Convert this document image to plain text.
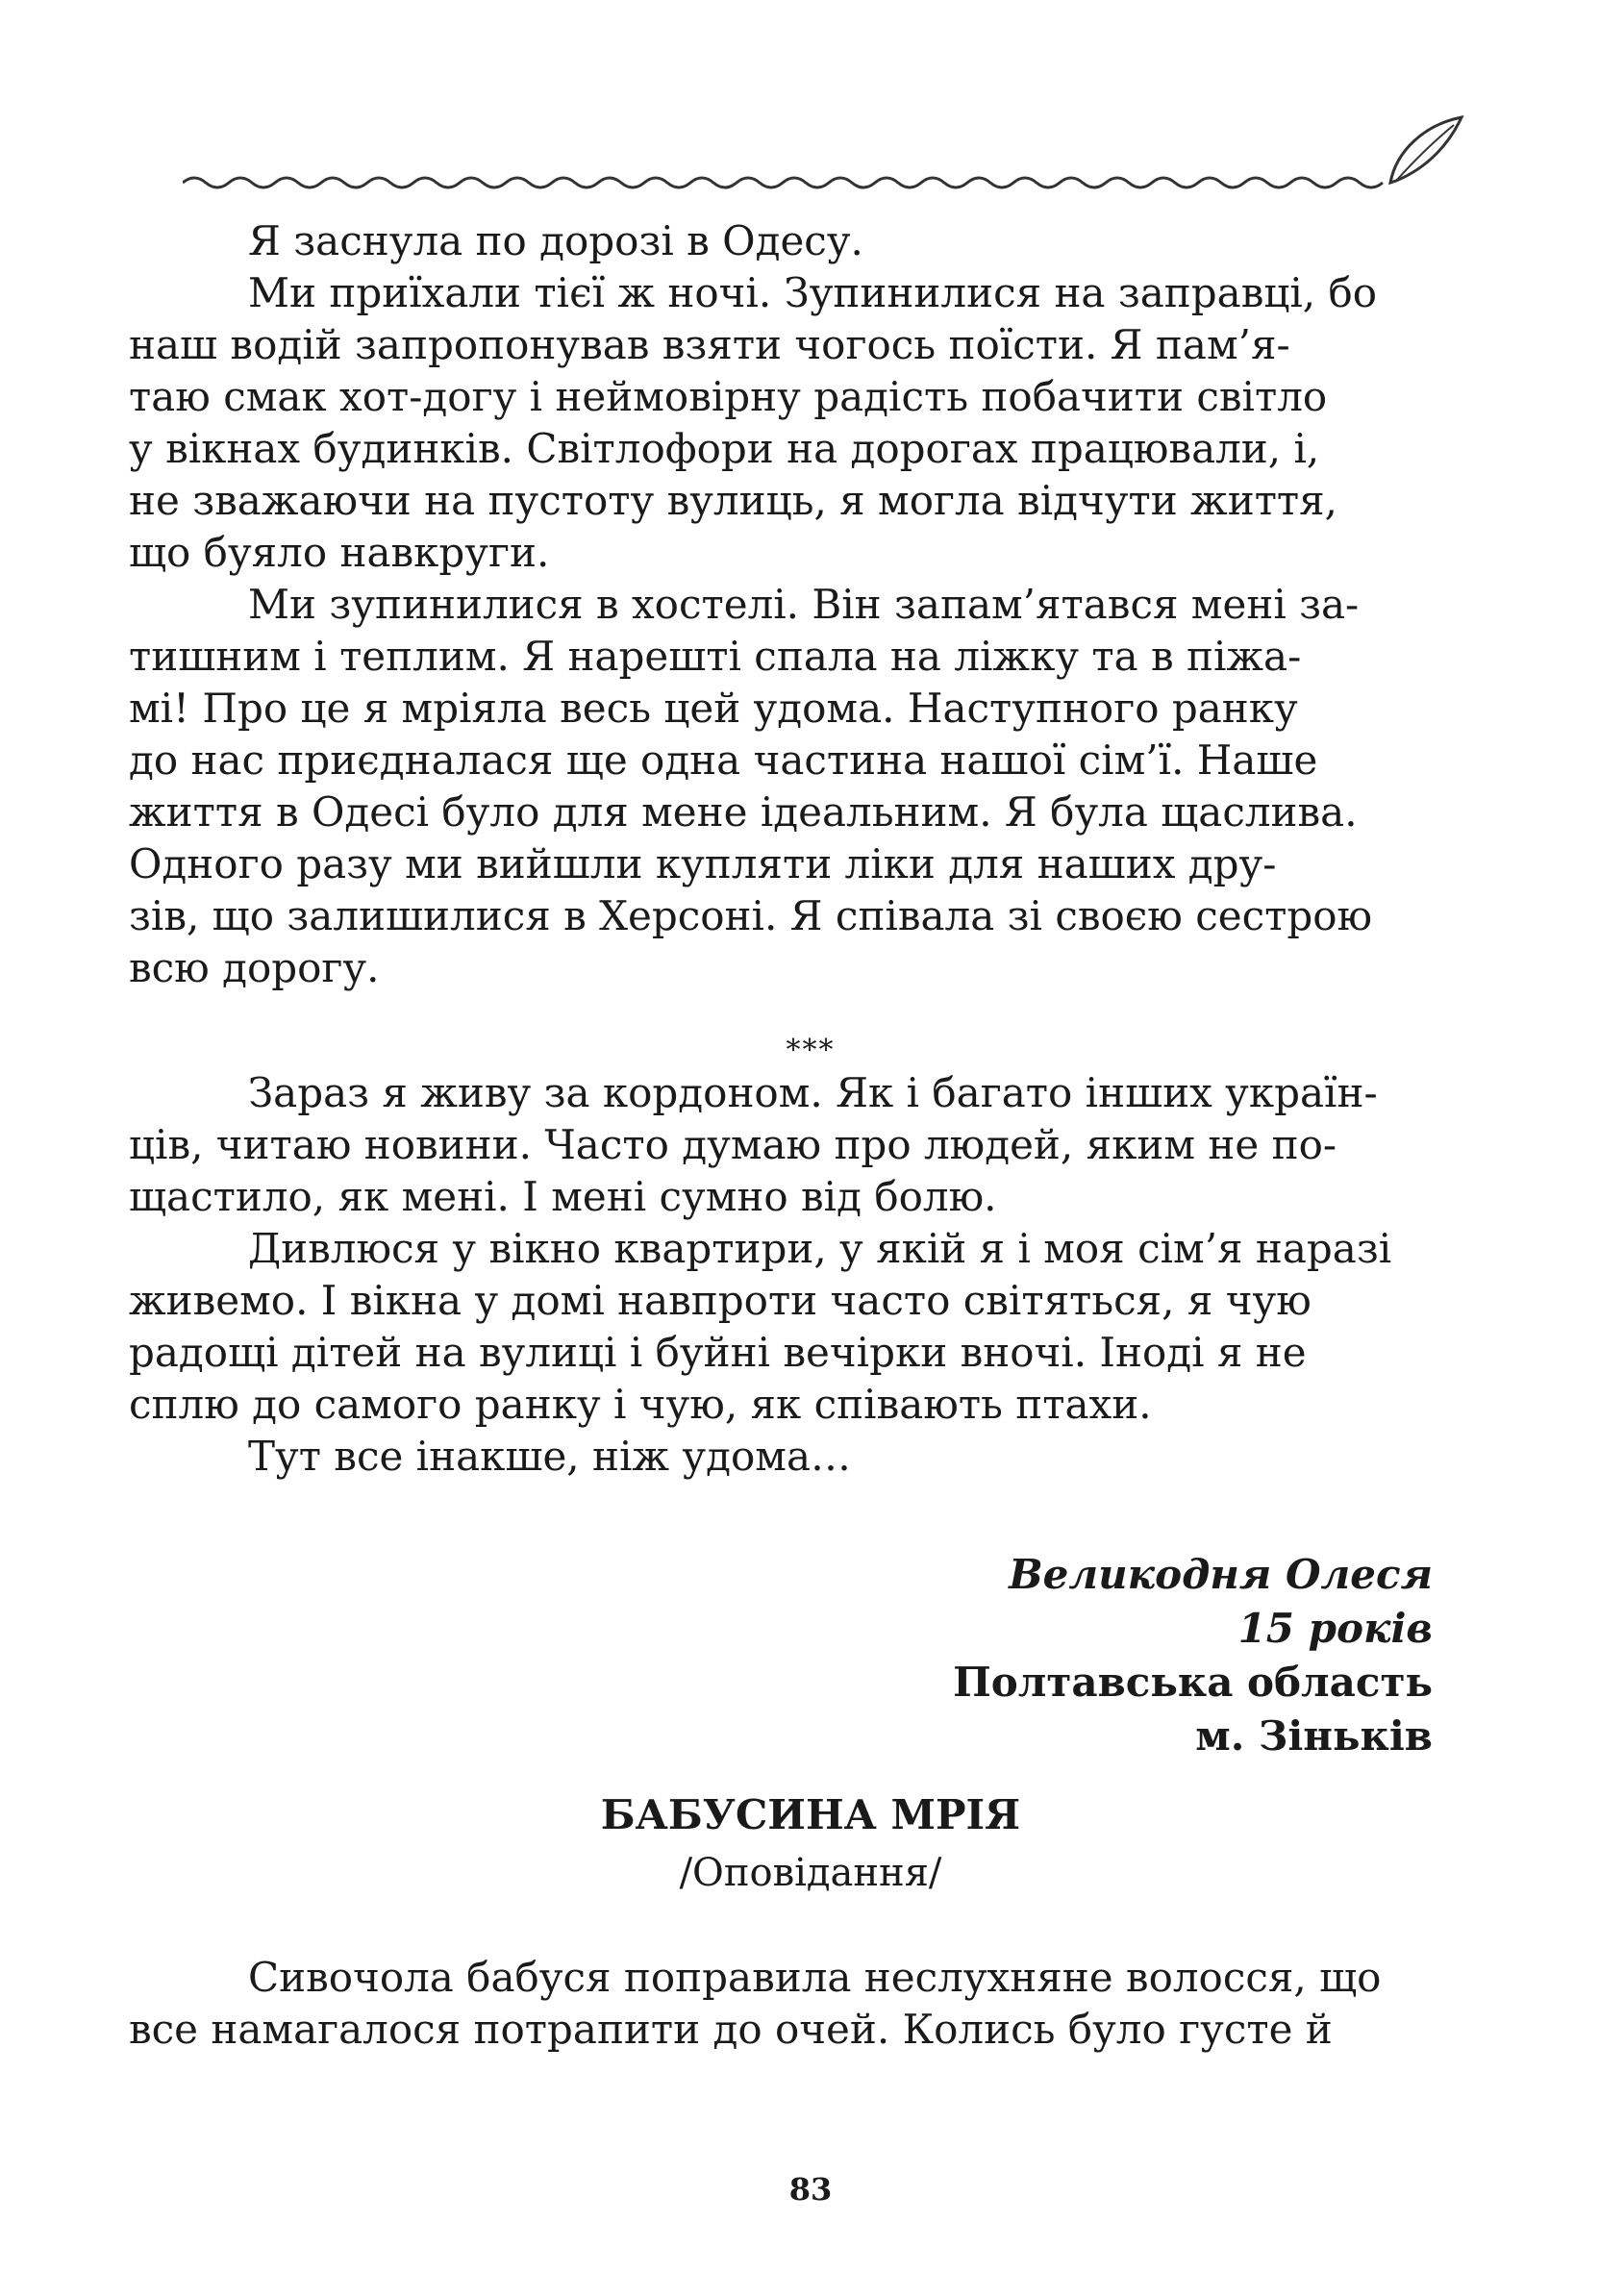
Я заснула по дорозі в Одесу.

Ми приїхали тієї ж ночі. Зупинилися на заправці, бо
наш водій запропонував взяти чогось поїсти. Я пам’я-
таю смак хот-догу і неймовірну радість побачити світло
у вікнах будинків. Світлофори на дорогах працювали, і,
не зважаючи на пустоту вулиць, я могла відчути життя,
що буяло навкруги.

Ми зупинилися в хостелі. Він запам’ятався мені за-
тишним і теплим. Я нарешті спала на ліжку та в піжа-
мі! Про це я мріяла весь цей удома. Наступного ранку
до нас приєдналася ще одна частина нашої сім’ї. Наше
життя в Одесі було для мене ідеальним. Я була щаслива.
Одного разу ми вийшли купляти ліки для наших дру-
зів, що залишилися в Херсоні. Я співала зі своєю сестрою
всю дорогу.

***

Зараз я живу за кордоном. Як і багато інших україн-
ців, читаю новини. Часто думаю про людей, яким не по-
щастило, як мені. І мені сумно від болю.

Дивлюся у вікно квартири, у якій я і моя сім’я наразі
живемо. І вікна у домі навпроти часто світяться, я чую
радощі дітей на вулиці і буйні вечірки вночі. Іноді я не
сплю до самого ранку і чую, як співають птахи.

Тут все інакше, ніж удома…

Великодня Олеся
15 років
Полтавська область
м. Зіньків
БАБУСИНА МРІЯ
/Оповідання/

Сивочола бабуся поправила неслухняне волосся, що
все намагалося потрапити до очей. Колись було густе й

83
